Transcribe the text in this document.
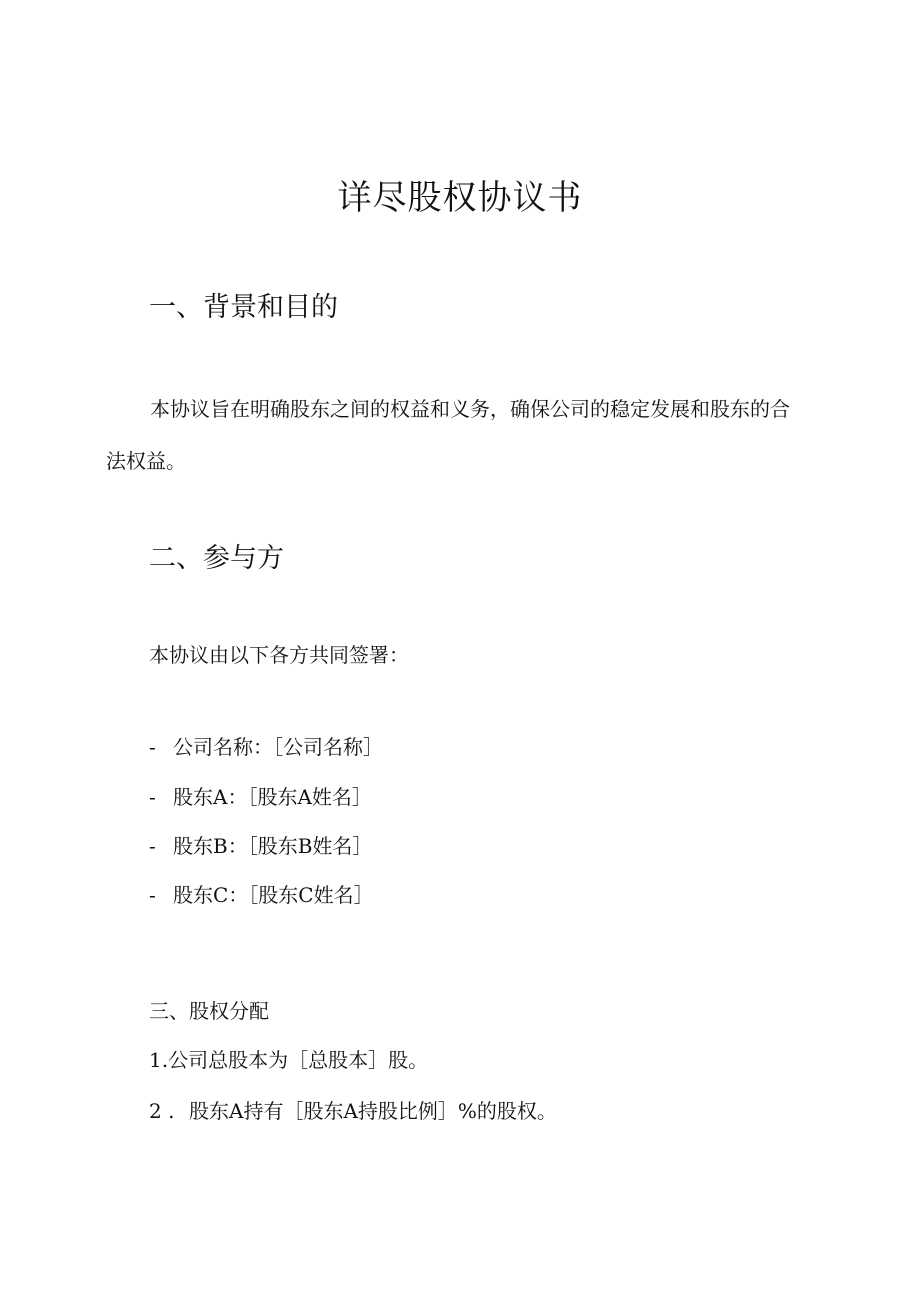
详尽股权协议书
一、背景和目的
本协议旨在明确股东之间的权益和义务，确保公司的稳定发展和股东的合法权益。
二、参与方
本协议由以下各方共同签署：
- 公司名称：［公司名称］
- 股东A：［股东A姓名］
- 股东B：［股东B姓名］
- 股东C：［股东C姓名］
三、股权分配
1.公司总股本为［总股本］股。
2 . 股东A持有［股东A持股比例］%的股权。
